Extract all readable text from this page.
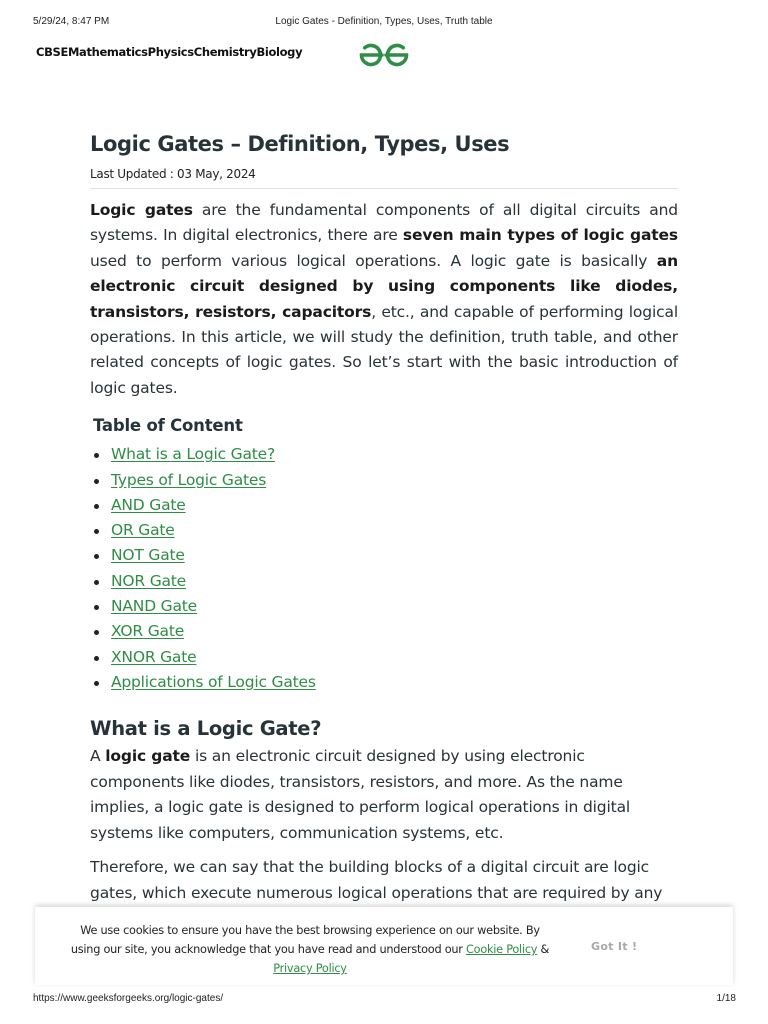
5/29/24, 8:47 PM	Logic Gates - Definition, Types, Uses, Truth table
CBSE Mathematics Physics Chemistry Biology
Logic Gates – Definition, Types, Uses
Last Updated : 03 May, 2024

Logic gates are the fundamental components of all digital circuits and systems. In digital electronics, there are seven main types of logic gates used to perform various logical operations. A logic gate is basically an electronic circuit designed by using components like diodes, transistors, resistors, capacitors, etc., and capable of performing logical operations. In this article, we will study the definition, truth table, and other related concepts of logic gates. So let’s start with the basic introduction of logic gates.

Table of Content
What is a Logic Gate?
Types of Logic Gates
AND Gate
OR Gate
NOT Gate
NOR Gate
NAND Gate
XOR Gate
XNOR Gate
Applications of Logic Gates
What is a Logic Gate?

A logic gate is an electronic circuit designed by using electronic
components like diodes, transistors, resistors, and more. As the name
implies, a logic gate is designed to perform logical operations in digital
systems like computers, communication systems, etc.

Therefore, we can say that the building blocks of a digital circuit are logic
gates, which execute numerous logical operations that are required by any

We use cookies to ensure you have the best browsing experience on our website. By
using our site, you acknowledge that you have read and understood our Cookie Policy &
Privacy Policy
Got It !
https://www.geeksforgeeks.org/logic-gates/	1/18
